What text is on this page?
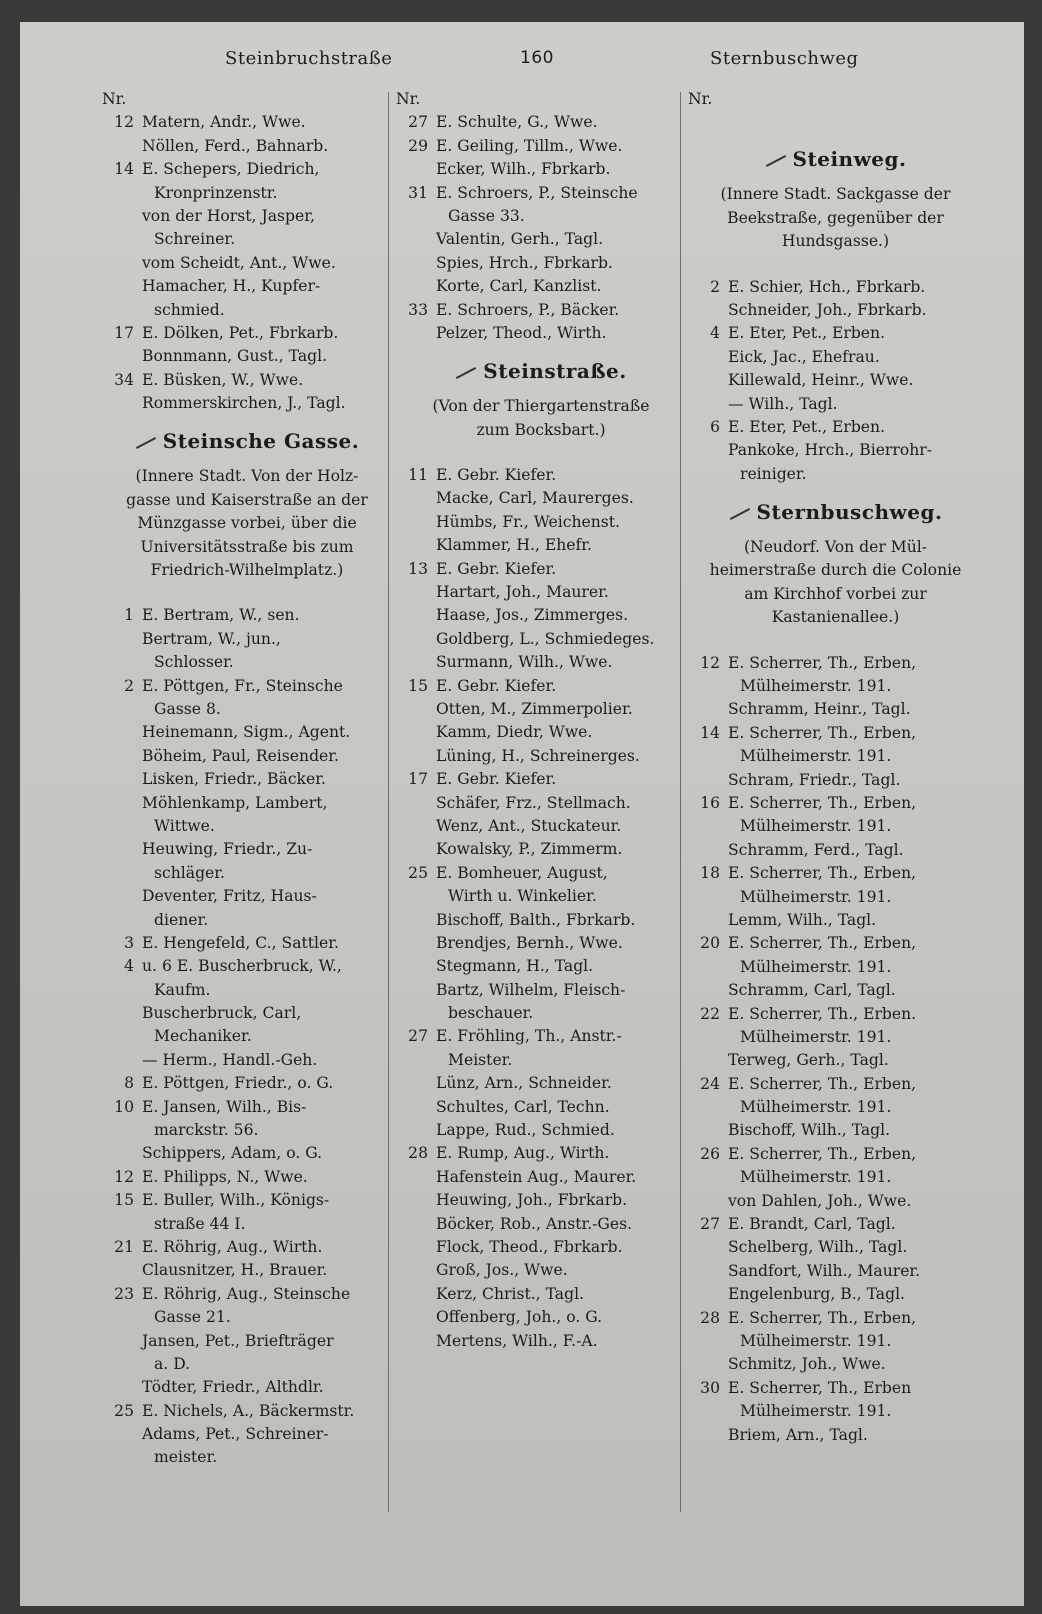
Steinbruchstraße	160	Sternbuschweg
Nr.
12 Matern, Andr., Wwe.
Nöllen, Ferd., Bahnarb.
14 E. Schepers, Diedrich,
Kronprinzenstr.
von der Horst, Jasper,
Schreiner.
vom Scheidt, Ant., Wwe.
Hamacher, H., Kupfer-
schmied.
17 E. Dölken, Pet., Fbrkarb.
Bonnmann, Gust., Tagl.
34 E. Büsken, W., Wwe.
Rommerskirchen, J., Tagl.
Steinsche Gasse.
(Innere Stadt. Von der Holz-
gasse und Kaiserstraße an der
Münzgasse vorbei, über die
Universitätsstraße bis zum
Friedrich-Wilhelmplatz.)
1 E. Bertram, W., sen.
Bertram, W., jun.,
Schlosser.
2 E. Pöttgen, Fr., Steinsche
Gasse 8.
Heinemann, Sigm., Agent.
Böheim, Paul, Reisender.
Lisken, Friedr., Bäcker.
Möhlenkamp, Lambert,
Wittwe.
Heuwing, Friedr., Zu-
schläger.
Deventer, Fritz, Haus-
diener.
3 E. Hengefeld, C., Sattler.
4 u. 6 E. Buscherbruck, W.,
Kaufm.
Buscherbruck, Carl,
Mechaniker.
— Herm., Handl.-Geh.
8 E. Pöttgen, Friedr., o. G.
10 E. Jansen, Wilh., Bis-
marckstr. 56.
Schippers, Adam, o. G.
12 E. Philipps, N., Wwe.
15 E. Buller, Wilh., Königs-
straße 44 I.
21 E. Röhrig, Aug., Wirth.
Clausnitzer, H., Brauer.
23 E. Röhrig, Aug., Steinsche
Gasse 21.
Jansen, Pet., Briefträger
a. D.
Tödter, Friedr., Althdlr.
25 E. Nichels, A., Bäckermstr.
Adams, Pet., Schreiner-
meister.
Nr.
27 E. Schulte, G., Wwe.
29 E. Geiling, Tillm., Wwe.
Ecker, Wilh., Fbrkarb.
31 E. Schroers, P., Steinsche
Gasse 33.
Valentin, Gerh., Tagl.
Spies, Hrch., Fbrkarb.
Korte, Carl, Kanzlist.
33 E. Schroers, P., Bäcker.
Pelzer, Theod., Wirth.
Steinstraße.
(Von der Thiergartenstraße
zum Bocksbart.)
11 E. Gebr. Kiefer.
Macke, Carl, Maurerges.
Hümbs, Fr., Weichenst.
Klammer, H., Ehefr.
13 E. Gebr. Kiefer.
Hartart, Joh., Maurer.
Haase, Jos., Zimmerges.
Goldberg, L., Schmiedeges.
Surmann, Wilh., Wwe.
15 E. Gebr. Kiefer.
Otten, M., Zimmerpolier.
Kamm, Diedr, Wwe.
Lüning, H., Schreinerges.
17 E. Gebr. Kiefer.
Schäfer, Frz., Stellmach.
Wenz, Ant., Stuckateur.
Kowalsky, P., Zimmerm.
25 E. Bomheuer, August,
Wirth u. Winkelier.
Bischoff, Balth., Fbrkarb.
Brendjes, Bernh., Wwe.
Stegmann, H., Tagl.
Bartz, Wilhelm, Fleisch-
beschauer.
27 E. Fröhling, Th., Anstr.-
Meister.
Lünz, Arn., Schneider.
Schultes, Carl, Techn.
Lappe, Rud., Schmied.
28 E. Rump, Aug., Wirth.
Hafenstein Aug., Maurer.
Heuwing, Joh., Fbrkarb.
Böcker, Rob., Anstr.-Ges.
Flock, Theod., Fbrkarb.
Groß, Jos., Wwe.
Kerz, Christ., Tagl.
Offenberg, Joh., o. G.
Mertens, Wilh., F.-A.
Nr.
Steinweg.
(Innere Stadt. Sackgasse der
Beekstraße, gegenüber der
Hundsgasse.)
2 E. Schier, Hch., Fbrkarb.
Schneider, Joh., Fbrkarb.
4 E. Eter, Pet., Erben.
Eick, Jac., Ehefrau.
Killewald, Heinr., Wwe.
— Wilh., Tagl.
6 E. Eter, Pet., Erben.
Pankoke, Hrch., Bierrohr-
reiniger.
Sternbuschweg.
(Neudorf. Von der Mül-
heimerstraße durch die Colonie
am Kirchhof vorbei zur
Kastanienallee.)
12 E. Scherrer, Th., Erben,
Mülheimerstr. 191.
Schramm, Heinr., Tagl.
14 E. Scherrer, Th., Erben,
Mülheimerstr. 191.
Schram, Friedr., Tagl.
16 E. Scherrer, Th., Erben,
Mülheimerstr. 191.
Schramm, Ferd., Tagl.
18 E. Scherrer, Th., Erben,
Mülheimerstr. 191.
Lemm, Wilh., Tagl.
20 E. Scherrer, Th., Erben,
Mülheimerstr. 191.
Schramm, Carl, Tagl.
22 E. Scherrer, Th., Erben.
Mülheimerstr. 191.
Terweg, Gerh., Tagl.
24 E. Scherrer, Th., Erben,
Mülheimerstr. 191.
Bischoff, Wilh., Tagl.
26 E. Scherrer, Th., Erben,
Mülheimerstr. 191.
von Dahlen, Joh., Wwe.
27 E. Brandt, Carl, Tagl.
Schelberg, Wilh., Tagl.
Sandfort, Wilh., Maurer.
Engelenburg, B., Tagl.
28 E. Scherrer, Th., Erben,
Mülheimerstr. 191.
Schmitz, Joh., Wwe.
30 E. Scherrer, Th., Erben
Mülheimerstr. 191.
Briem, Arn., Tagl.
